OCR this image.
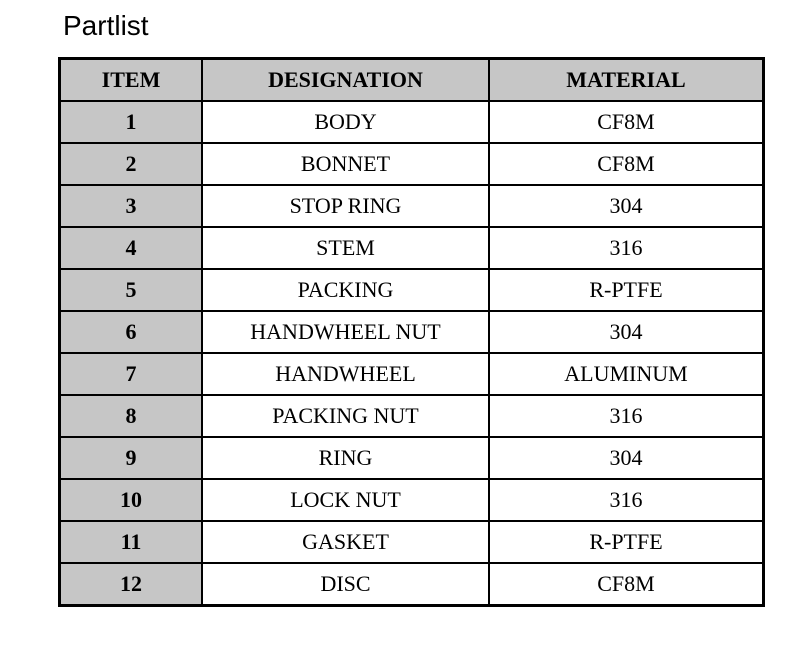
Partlist
ITEM	DESIGNATION	MATERIAL
1	BODY	CF8M
2	BONNET	CF8M
3	STOP RING	304
4	STEM	316
5	PACKING	R-PTFE
6	HANDWHEEL NUT	304
7	HANDWHEEL	ALUMINUM
8	PACKING NUT	316
9	RING	304
10	LOCK NUT	316
11	GASKET	R-PTFE
12	DISC	CF8M
